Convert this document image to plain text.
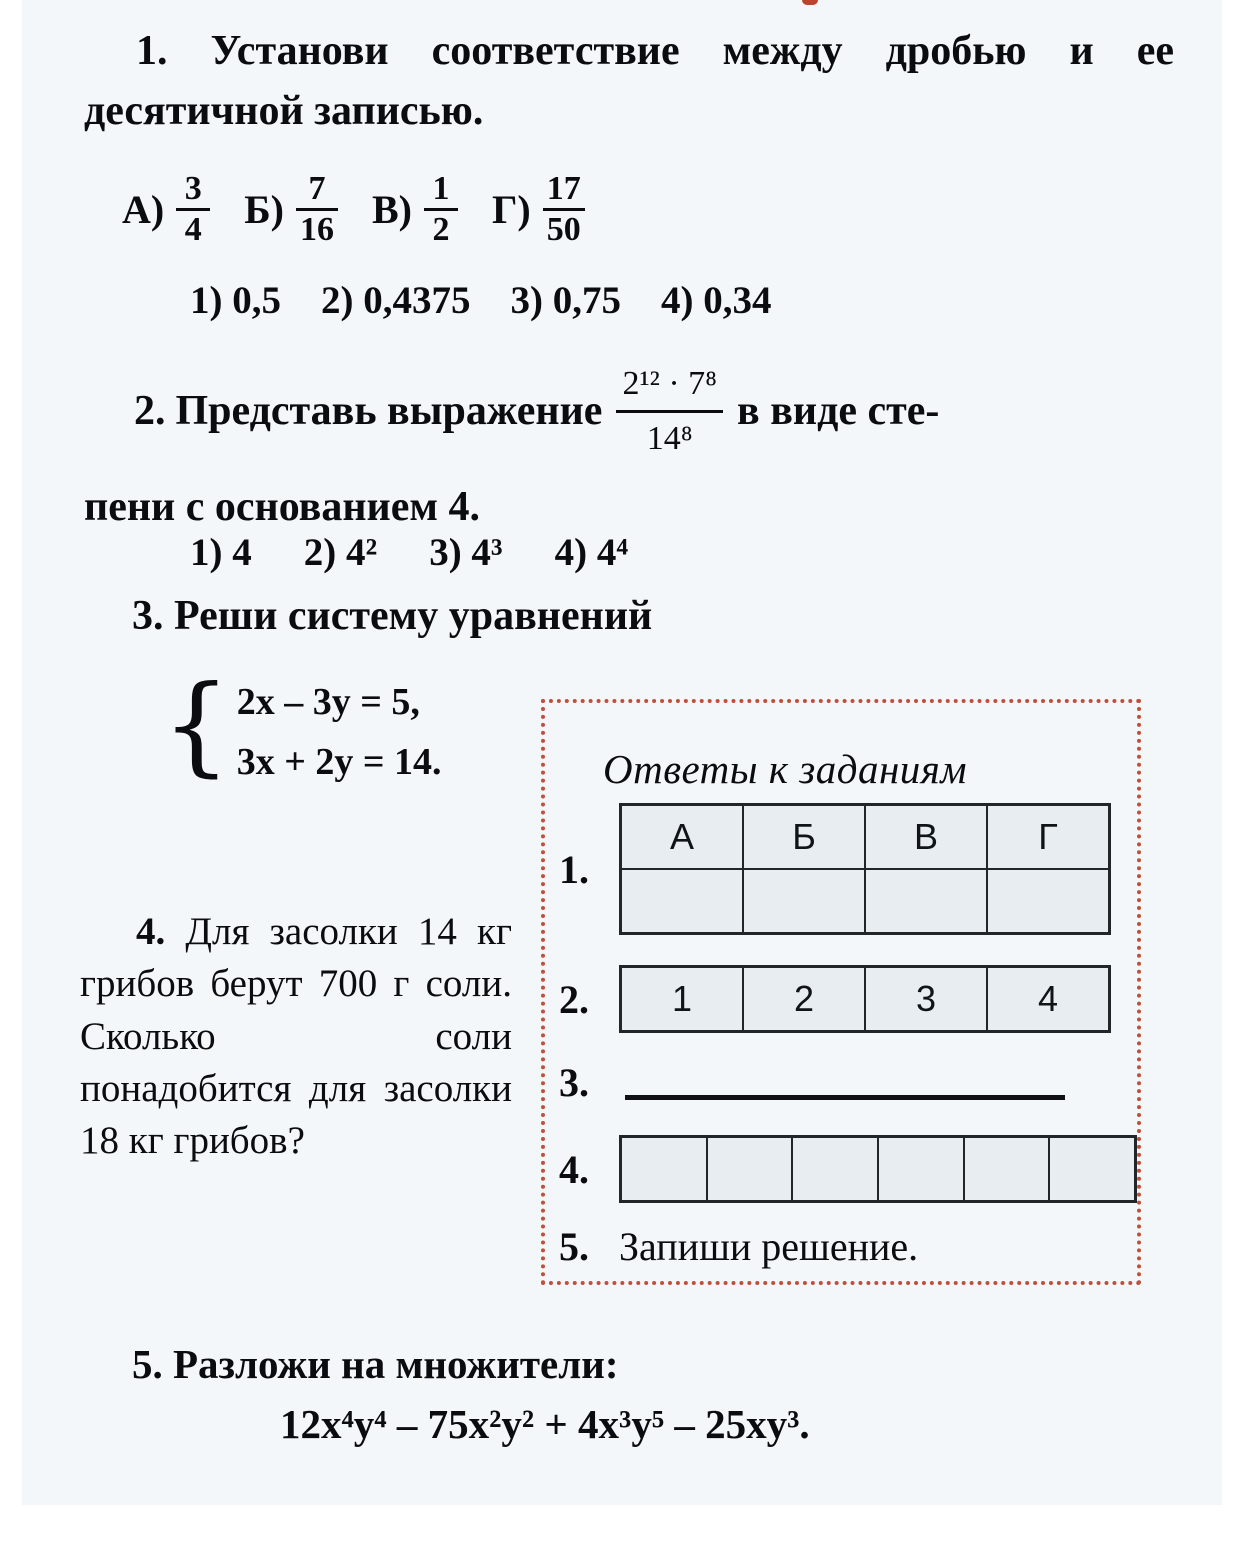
1. Установи соответствие между дробью и ее десятичной записью.
$А) \frac{3}{4} Б) \frac{7}{16} В) \frac{1}{2} Г) \frac{17}{50}$
1) 0,5 2) 0,4375 3) 0,75 4) 0,34
2. Представь выражение $\frac{\text{2¹² · 7⁸}}{\text{14⁸}}$ в виде сте-
пени с основанием 4.
1) 4 2) 4² 3) 4³ 4) 4⁴
3. Реши систему уравнений
{ 2x – 3y = 5,
3x + 2y = 14.
4. Для засолки 14 кг грибов берут 700 г соли. Сколько соли понадобится для засолки 18 кг грибов?
5. Разложи на множители:
12x⁴y⁴ – 75x²y² + 4x³y⁵ – 25xy³.
Ответы к заданиям
1.
А	Б	В	Г

2.	1	2	3	4
3.
4.

5. Запиши решение.
